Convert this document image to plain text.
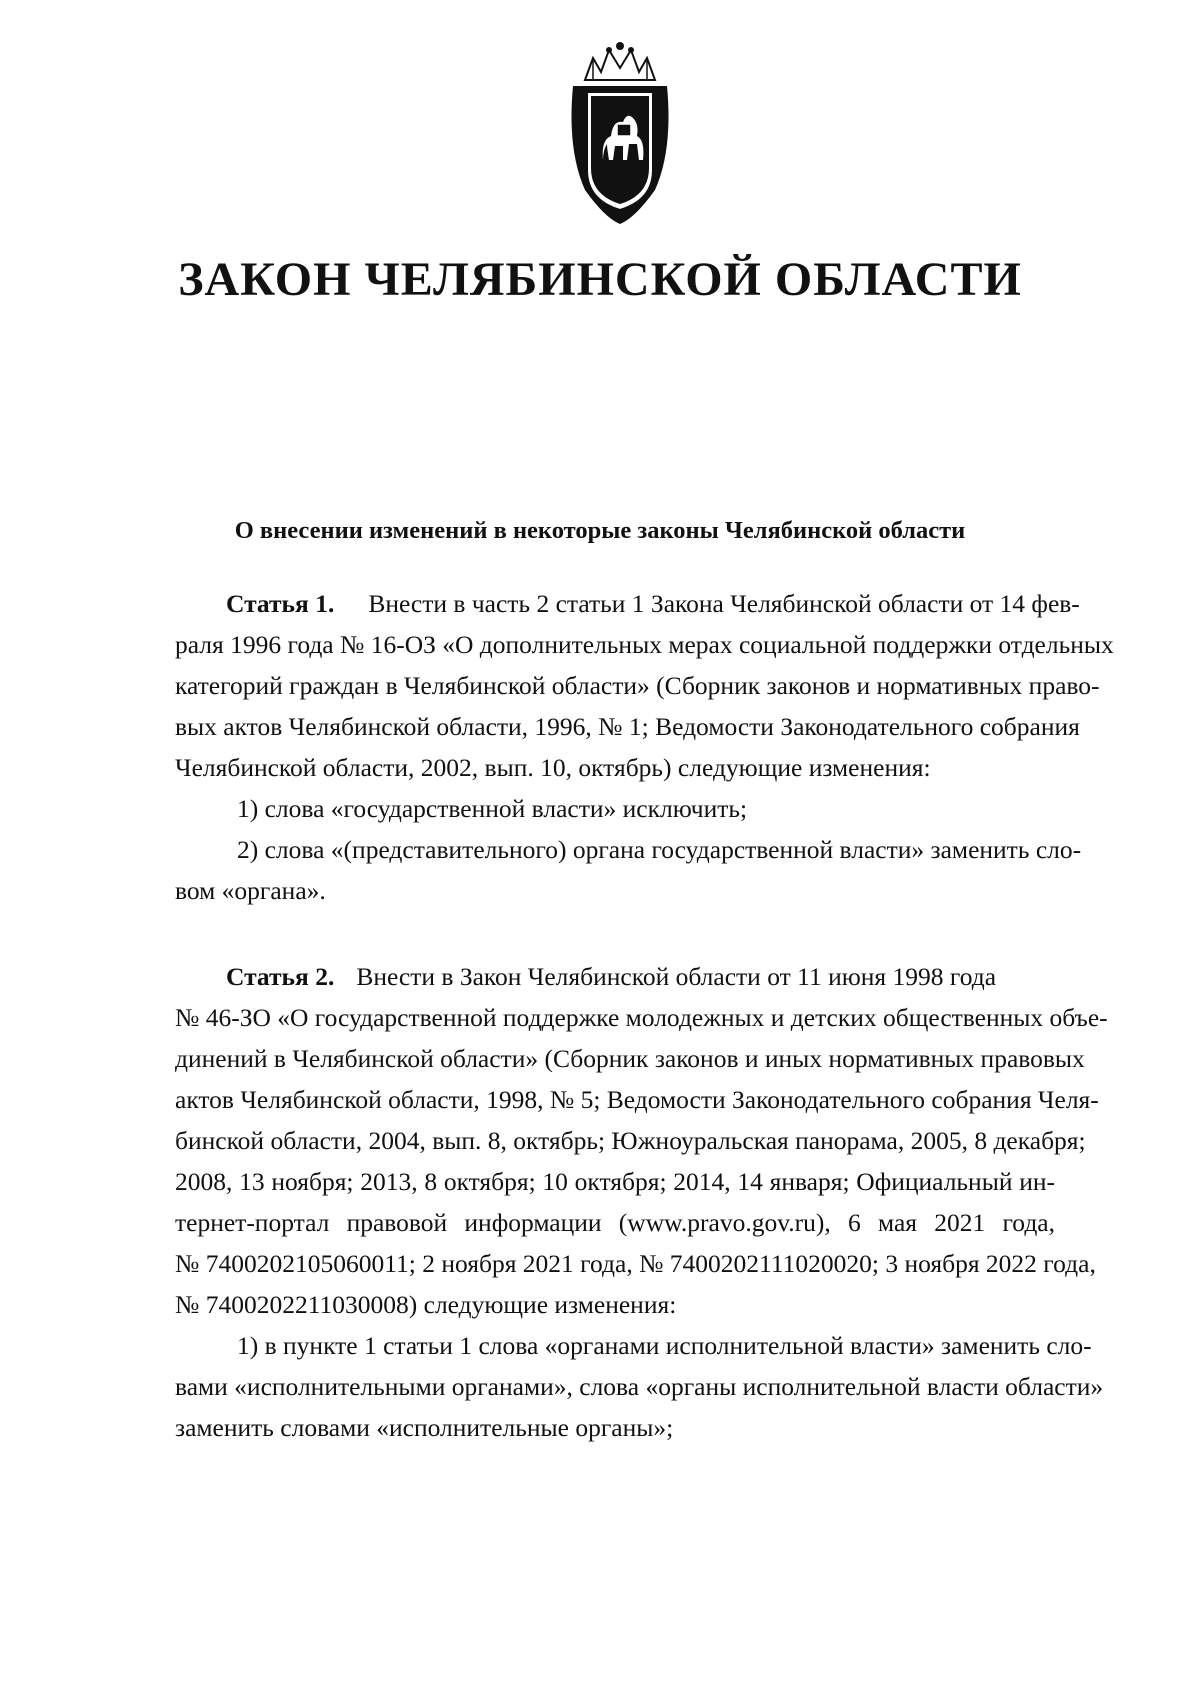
ЗАКОН ЧЕЛЯБИНСКОЙ ОБЛАСТИ
О внесении изменений в некоторые законы Челябинской области
Статья 1. Внести в часть 2 статьи 1 Закона Челябинской области от 14 фев-
раля 1996 года № 16-ОЗ «О дополнительных мерах социальной поддержки отдельных
категорий граждан в Челябинской области» (Сборник законов и нормативных право-
вых актов Челябинской области, 1996, № 1; Ведомости Законодательного собрания
Челябинской области, 2002, вып. 10, октябрь) следующие изменения:
1) слова «государственной власти» исключить;
2) слова «(представительного) органа государственной власти» заменить сло-
вом «органа».
Статья 2. Внести в Закон Челябинской области от 11 июня 1998 года
№ 46-ЗО «О государственной поддержке молодежных и детских общественных объе-
динений в Челябинской области» (Сборник законов и иных нормативных правовых
актов Челябинской области, 1998, № 5; Ведомости Законодательного собрания Челя-
бинской области, 2004, вып. 8, октябрь; Южноуральская панорама, 2005, 8 декабря;
2008, 13 ноября; 2013, 8 октября; 10 октября; 2014, 14 января; Официальный ин-
тернет-портал правовой информации (www.pravo.gov.ru), 6 мая 2021 года,
№ 7400202105060011; 2 ноября 2021 года, № 7400202111020020; 3 ноября 2022 года,
№ 7400202211030008) следующие изменения:
1) в пункте 1 статьи 1 слова «органами исполнительной власти» заменить сло-
вами «исполнительными органами», слова «органы исполнительной власти области»
заменить словами «исполнительные органы»;
